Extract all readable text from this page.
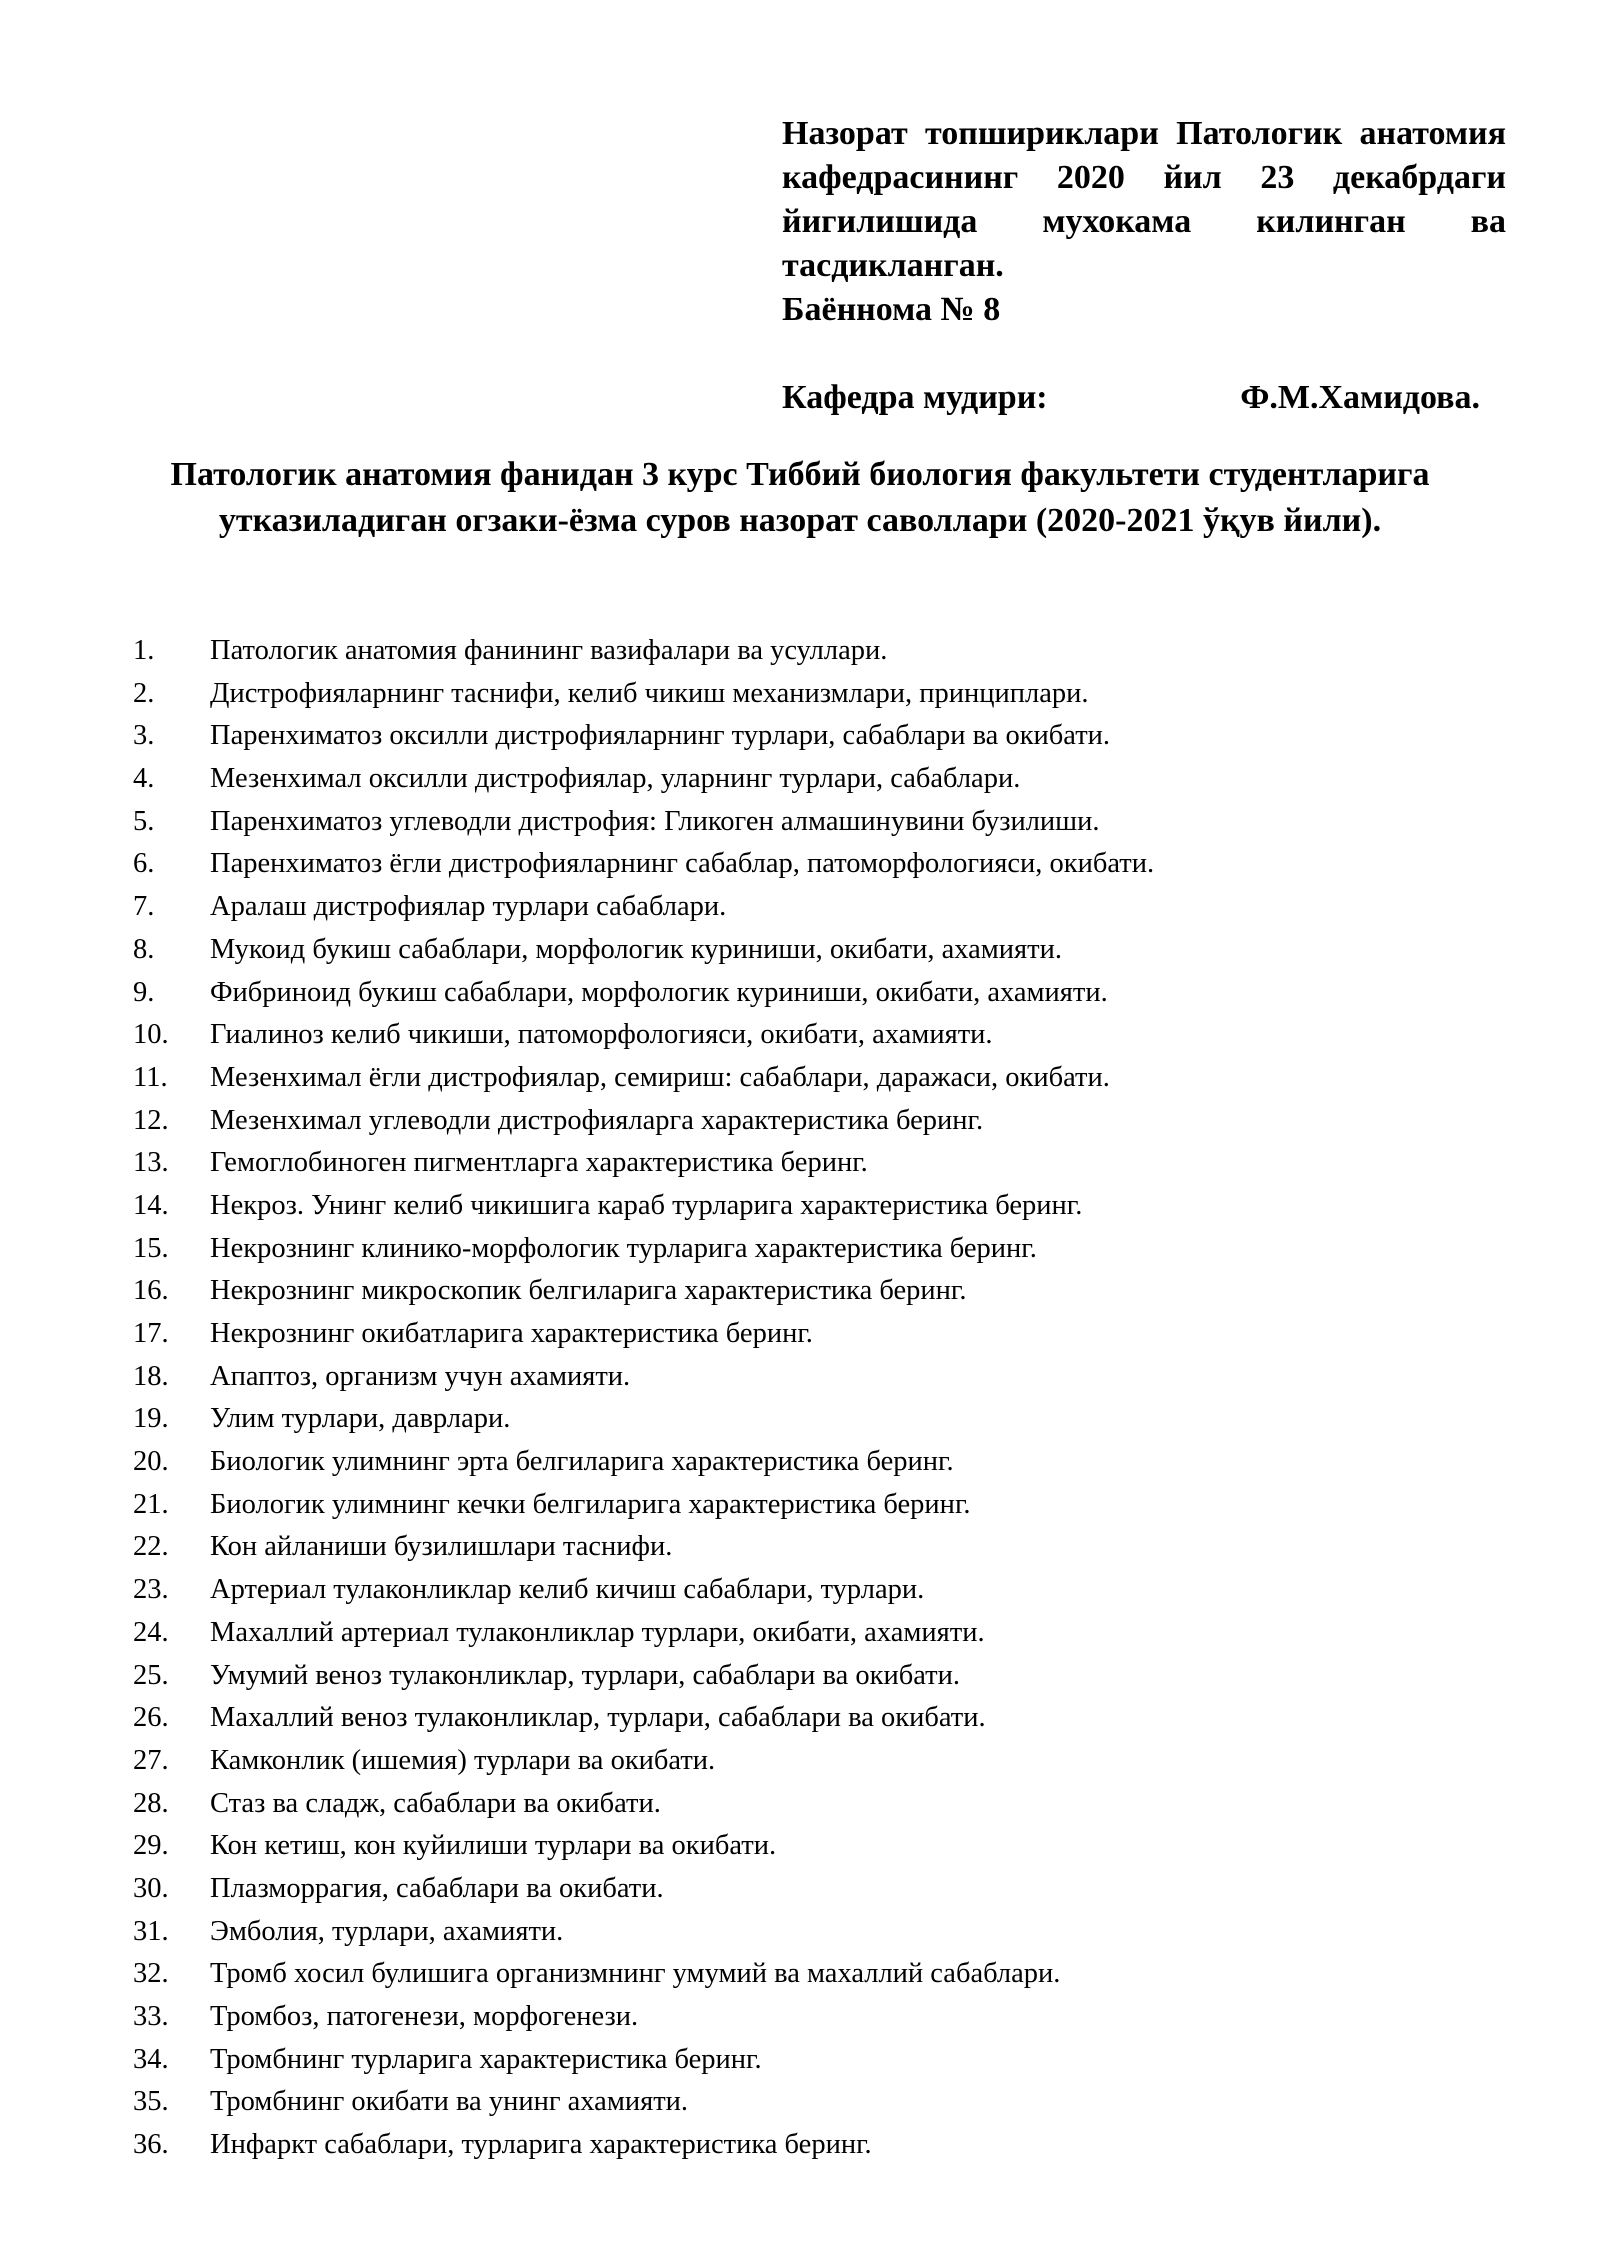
Назорат топшириклари Патологик анатомия кафедрасининг 2020 йил 23 декабрдаги йигилишида мухокама килинган ва тасдикланган.
Баённома № 8
Кафедра мудири:	Ф.М.Хамидова.
Патологик анатомия фанидан 3 курс Тиббий биология факультети студентларига утказиладиган огзаки-ёзма суров назорат саволлари (2020-2021 ўқув йили).
1. Патологик анатомия фанининг вазифалари ва усуллари.
2. Дистрофияларнинг таснифи, келиб чикиш механизмлари, принциплари.
3. Паренхиматоз оксилли дистрофияларнинг турлари, сабаблари ва окибати.
4. Мезенхимал оксилли дистрофиялар, уларнинг турлари, сабаблари.
5. Паренхиматоз углеводли дистрофия: Гликоген алмашинувини бузилиши.
6. Паренхиматоз ёгли дистрофияларнинг сабаблар, патоморфологияси, окибати.
7. Аралаш дистрофиялар турлари сабаблари.
8. Мукоид букиш сабаблари, морфологик куриниши, окибати, ахамияти.
9. Фибриноид букиш сабаблари, морфологик куриниши, окибати, ахамияти.
10. Гиалиноз келиб чикиши, патоморфологияси, окибати, ахамияти.
11. Мезенхимал ёгли дистрофиялар, семириш: сабаблари, даражаси, окибати.
12. Мезенхимал углеводли дистрофияларга характеристика беринг.
13. Гемоглобиноген пигментларга характеристика беринг.
14. Некроз. Унинг келиб чикишига караб турларига характеристика беринг.
15. Некрознинг клинико-морфологик турларига характеристика беринг.
16. Некрознинг микроскопик белгиларига характеристика беринг.
17. Некрознинг окибатларига характеристика беринг.
18. Апаптоз, организм учун ахамияти.
19. Улим турлари, даврлари.
20. Биологик улимнинг эрта белгиларига характеристика беринг.
21. Биологик улимнинг кечки белгиларига характеристика беринг.
22. Кон айланиши бузилишлари таснифи.
23. Артериал тулаконликлар келиб кичиш сабаблари, турлари.
24. Махаллий артериал тулаконликлар турлари, окибати, ахамияти.
25. Умумий веноз тулаконликлар, турлари, сабаблари ва окибати.
26. Махаллий веноз тулаконликлар, турлари, сабаблари ва окибати.
27. Камконлик (ишемия) турлари ва окибати.
28. Стаз ва сладж, сабаблари ва окибати.
29. Кон кетиш, кон куйилиши турлари ва окибати.
30. Плазморрагия, сабаблари ва окибати.
31. Эмболия, турлари, ахамияти.
32. Тромб хосил булишига организмнинг умумий ва махаллий сабаблари.
33. Тромбоз, патогенези, морфогенези.
34. Тромбнинг турларига характеристика беринг.
35. Тромбнинг окибати ва унинг ахамияти.
36. Инфаркт сабаблари, турларига характеристика беринг.
